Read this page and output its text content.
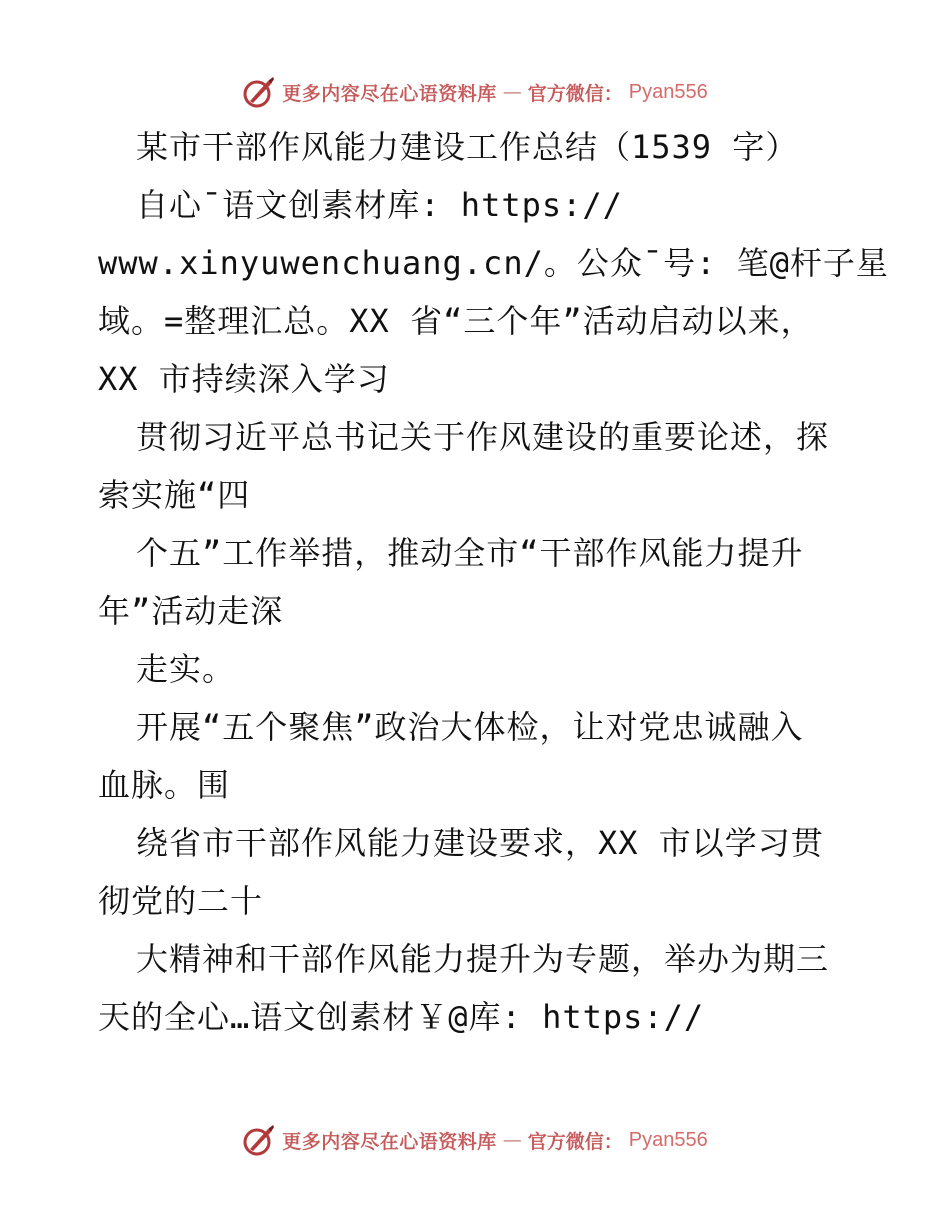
更多内容尽在心语资料库 — 官方微信： Pyan556
某市干部作风能力建设工作总结（1539 字）
自心¯语文创素材库: https://
www.xinyuwenchuang.cn/。公众¯号: 笔@杆子星
域。=整理汇总。XX 省“三个年”活动启动以来，
XX 市持续深入学习
贯彻习近平总书记关于作风建设的重要论述，探
索实施“四
个五”工作举措，推动全市“干部作风能力提升
年”活动走深
走实。
开展“五个聚焦”政治大体检，让对党忠诚融入
血脉。围
绕省市干部作风能力建设要求，XX 市以学习贯
彻党的二十
大精神和干部作风能力提升为专题，举办为期三
天的全心…语文创素材￥@库: https://
更多内容尽在心语资料库 — 官方微信： Pyan556
